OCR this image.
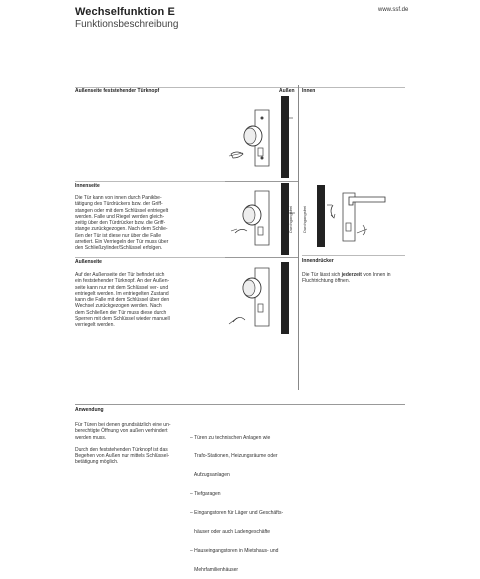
Wechselfunktion E
Funktionsbeschreibung
www.ssf.de
Außenseite feststehender Türknopf	Außen Innen
Innenseite
Die Tür kann von innen durch Panikbe-
tätigung des Türdrückers bzw. der Griff-
stangen oder mit dem Schlüssel entriegelt
werden. Falle und Riegel werden gleich-
zeitig über den Türdrücker bzw. die Griff-
stange zurückgezogen. Nach dem Schlie-
ßen der Tür ist diese nur über die Falle
arretiert. Ein Verriegeln der Tür muss über
den Schließzylinder/Schlüssel erfolgen.
Außenseite
Auf der Außenseite der Tür befindet sich
ein feststehender Türknopf. An der Außen-
seite kann nur mit dem Schlüssel ver- und
entriegelt werden. Im entriegelten Zustand
kann die Falle mit dem Schlüssel über den
Wechsel zurückgezogen werden. Nach
dem Schließen der Tür muss diese durch
Sperren mit dem Schlüssel wieder manuell
verriegelt werden.
Durchgangsfrei	Durchgangsfrei
Innendrücker
Die Tür lässt sich jederzeit von Innen in
Fluchtrichtung öffnen.
Anwendung
Für Türen bei denen grundsätzlich eine un-
berechtigte Öffnung von außen verhindert
werden muss.
Durch den feststehenden Türknopf ist das
Begehen von Außen nur mittels Schlüssel-
betätigung möglich.

– Türen zu technischen Anlagen wie

Trafo-Stationen, Heizungsräume oder

Aufzugsanlagen

– Tiefgaragen

– Eingangstoren für Läger und Geschäfts-

häuser oder auch Ladengeschäfte

– Hauseingangstoren in Mietshaus- und

Mehrfamilienhäuser
